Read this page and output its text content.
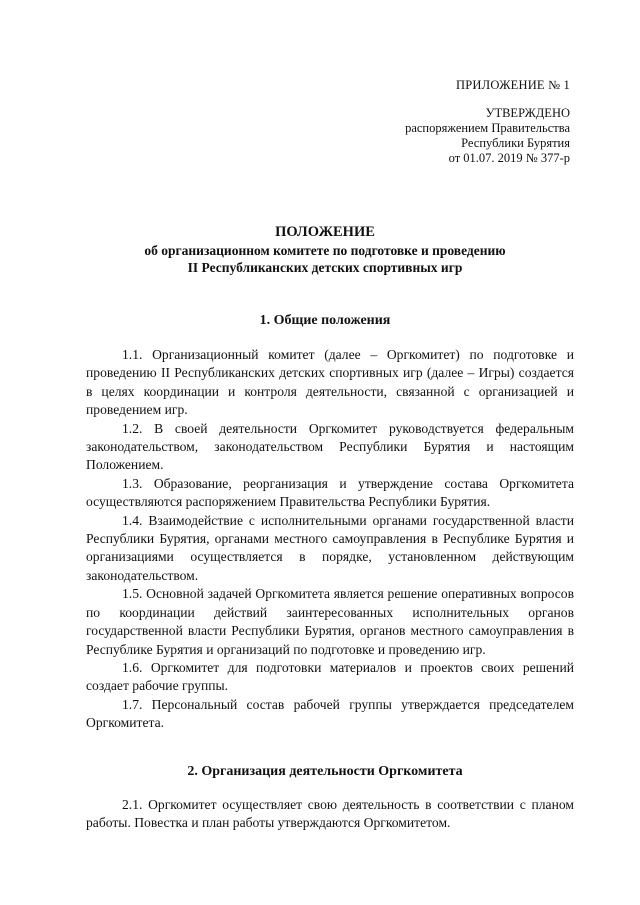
ПРИЛОЖЕНИЕ № 1
УТВЕРЖДЕНО
распоряжением Правительства
Республики Бурятия
от 01.07. 2019 № 377-р
ПОЛОЖЕНИЕ
об организационном комитете по подготовке и проведению
II Республиканских детских спортивных игр
1. Общие положения

1.1. Организационный комитет (далее – Оргкомитет) по подготовке и проведению II Республиканских детских спортивных игр (далее – Игры) создается в целях координации и контроля деятельности, связанной с организацией и проведением игр.

1.2. В своей деятельности Оргкомитет руководствуется федеральным законодательством, законодательством Республики Бурятия и настоящим Положением.

1.3. Образование, реорганизация и утверждение состава Оргкомитета осуществляются распоряжением Правительства Республики Бурятия.

1.4. Взаимодействие с исполнительными органами государственной власти Республики Бурятия, органами местного самоуправления в Республике Бурятия и организациями осуществляется в порядке, установленном действующим законодательством.

1.5. Основной задачей Оргкомитета является решение оперативных вопросов по координации действий заинтересованных исполнительных органов государственной власти Республики Бурятия, органов местного самоуправления в Республике Бурятия и организаций по подготовке и проведению игр.

1.6. Оргкомитет для подготовки материалов и проектов своих решений создает рабочие группы.

1.7. Персональный состав рабочей группы утверждается председателем Оргкомитета.

2. Организация деятельности Оргкомитета

2.1. Оргкомитет осуществляет свою деятельность в соответствии с планом работы. Повестка и план работы утверждаются Оргкомитетом.
